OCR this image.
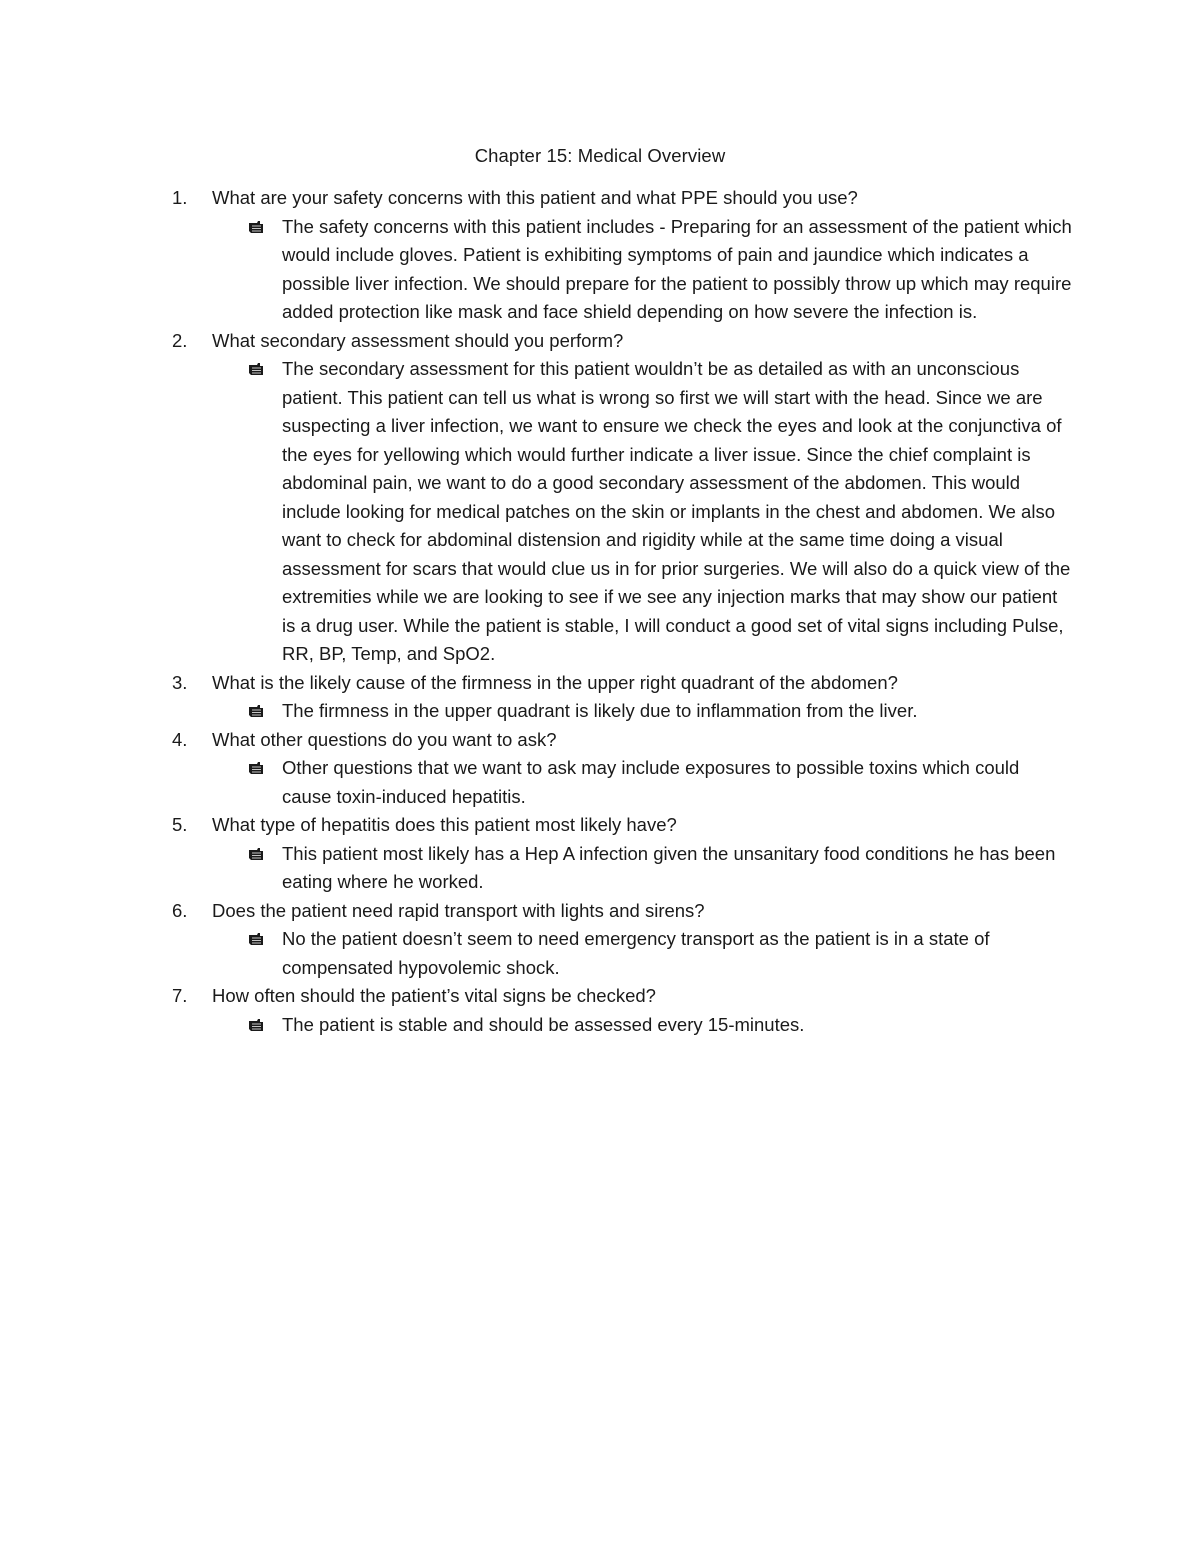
Chapter 15: Medical Overview
1.	What are your safety concerns with this patient and what PPE should you use?
The safety concerns with this patient includes - Preparing for an assessment of the patient which would include gloves. Patient is exhibiting symptoms of pain and jaundice which indicates a possible liver infection. We should prepare for the patient to possibly throw up which may require added protection like mask and face shield depending on how severe the infection is.
2.	What secondary assessment should you perform?
The secondary assessment for this patient wouldn’t be as detailed as with an unconscious patient. This patient can tell us what is wrong so first we will start with the head. Since we are suspecting a liver infection, we want to ensure we check the eyes and look at the conjunctiva of the eyes for yellowing which would further indicate a liver issue. Since the chief complaint is abdominal pain, we want to do a good secondary assessment of the abdomen. This would include looking for medical patches on the skin or implants in the chest and abdomen. We also want to check for abdominal distension and rigidity while at the same time doing a visual assessment for scars that would clue us in for prior surgeries. We will also do a quick view of the extremities while we are looking to see if we see any injection marks that may show our patient is a drug user. While the patient is stable, I will conduct a good set of vital signs including Pulse, RR, BP, Temp, and SpO2.
3.	What is the likely cause of the firmness in the upper right quadrant of the abdomen?
The firmness in the upper quadrant is likely due to inflammation from the liver.
4.	What other questions do you want to ask?
Other questions that we want to ask may include exposures to possible toxins which could cause toxin-induced hepatitis.
5.	What type of hepatitis does this patient most likely have?
This patient most likely has a Hep A infection given the unsanitary food conditions he has been eating where he worked.
6.	Does the patient need rapid transport with lights and sirens?
No the patient doesn’t seem to need emergency transport as the patient is in a state of compensated hypovolemic shock.
7.	How often should the patient’s vital signs be checked?
The patient is stable and should be assessed every 15-minutes.
